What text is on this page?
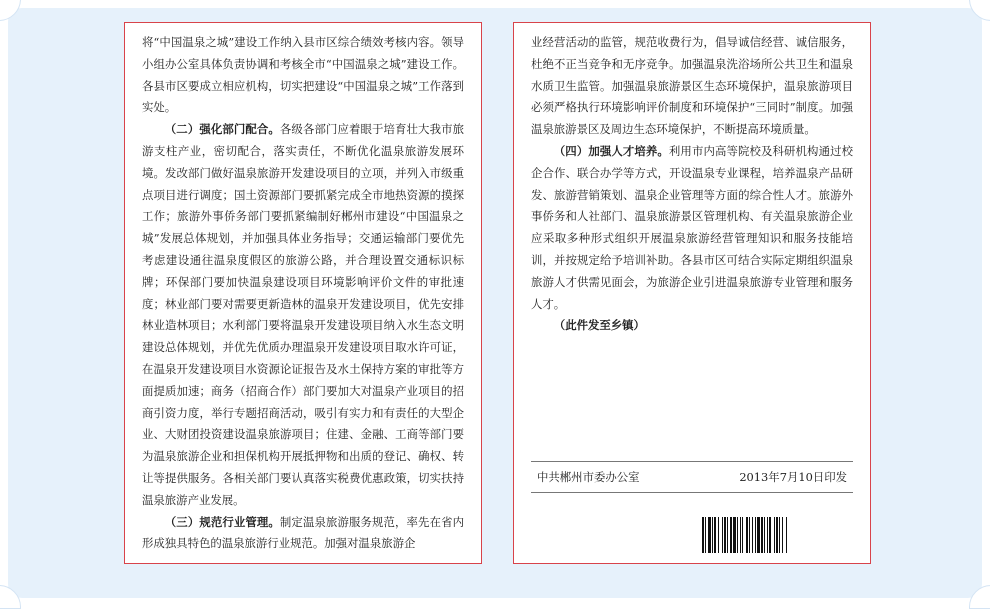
将“中国温泉之城”建设工作纳入县市区综合绩效考核内容。领导小组办公室具体负责协调和考核全市“中国温泉之城”建设工作。各县市区要成立相应机构，切实把建设“中国温泉之城”工作落到实处。

（二）强化部门配合。各级各部门应着眼于培育壮大我市旅游支柱产业，密切配合，落实责任，不断优化温泉旅游发展环境。发改部门做好温泉旅游开发建设项目的立项，并列入市级重点项目进行调度；国土资源部门要抓紧完成全市地热资源的摸探工作；旅游外事侨务部门要抓紧编制好郴州市建设“中国温泉之城”发展总体规划，并加强具体业务指导；交通运输部门要优先考虑建设通往温泉度假区的旅游公路，并合理设置交通标识标牌；环保部门要加快温泉建设项目环境影响评价文件的审批速度；林业部门要对需要更新造林的温泉开发建设项目，优先安排林业造林项目；水利部门要将温泉开发建设项目纳入水生态文明建设总体规划，并优先优质办理温泉开发建设项目取水许可证，在温泉开发建设项目水资源论证报告及水土保持方案的审批等方面提质加速；商务（招商合作）部门要加大对温泉产业项目的招商引资力度，举行专题招商活动，吸引有实力和有责任的大型企业、大财团投资建设温泉旅游项目；住建、金融、工商等部门要为温泉旅游企业和担保机构开展抵押物和出质的登记、确权、转让等提供服务。各相关部门要认真落实税费优惠政策，切实扶持温泉旅游产业发展。

（三）规范行业管理。制定温泉旅游服务规范，率先在省内形成独具特色的温泉旅游行业规范。加强对温泉旅游企

业经营活动的监管，规范收费行为，倡导诚信经营、诚信服务，杜绝不正当竞争和无序竞争。加强温泉洗浴场所公共卫生和温泉水质卫生监管。加强温泉旅游景区生态环境保护，温泉旅游项目必须严格执行环境影响评价制度和环境保护“三同时”制度。加强温泉旅游景区及周边生态环境保护，不断提高环境质量。

（四）加强人才培养。利用市内高等院校及科研机构通过校企合作、联合办学等方式，开设温泉专业课程，培养温泉产品研发、旅游营销策划、温泉企业管理等方面的综合性人才。旅游外事侨务和人社部门、温泉旅游景区管理机构、有关温泉旅游企业应采取多种形式组织开展温泉旅游经营管理知识和服务技能培训，并按规定给予培训补助。各县市区可结合实际定期组织温泉旅游人才供需见面会，为旅游企业引进温泉旅游专业管理和服务人才。

（此件发至乡镇）

中共郴州市委办公室	2013年7月10日印发
